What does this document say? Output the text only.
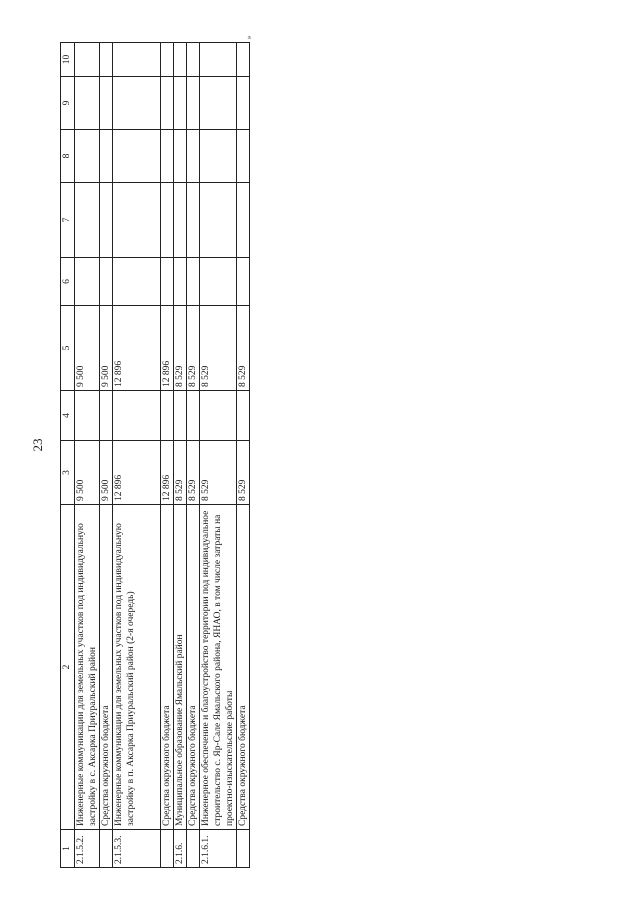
23
1	2	3	4	5	6	7	8	9	10
2.1.5.2.	Инженерные коммуникации для земельных участков под индивидуальную застройку в с. Аксарка Приуральский район	9 500		9 500					
	Средства окружного бюджета	9 500		9 500					
2.1.5.3.	Инженерные коммуникации для земельных участков под индивидуальную застройку в п. Аксарка Приуральский район (2-я очередь)	12 896		12 896					
	Средства окружного бюджета	12 896		12 896					
2.1.6.	Муниципальное образование Ямальский район	8 529		8 529					
	Средства окружного бюджета	8 529		8 529					
2.1.6.1.	Инженерное обеспечение и благоустройство территории под индивидуальное строительство с. Яр-Сале Ямальского района, ЯНАО, в том числе затраты на проектно-изыскательские работы	8 529		8 529					
	Средства окружного бюджета	8 529		8 529					
»
